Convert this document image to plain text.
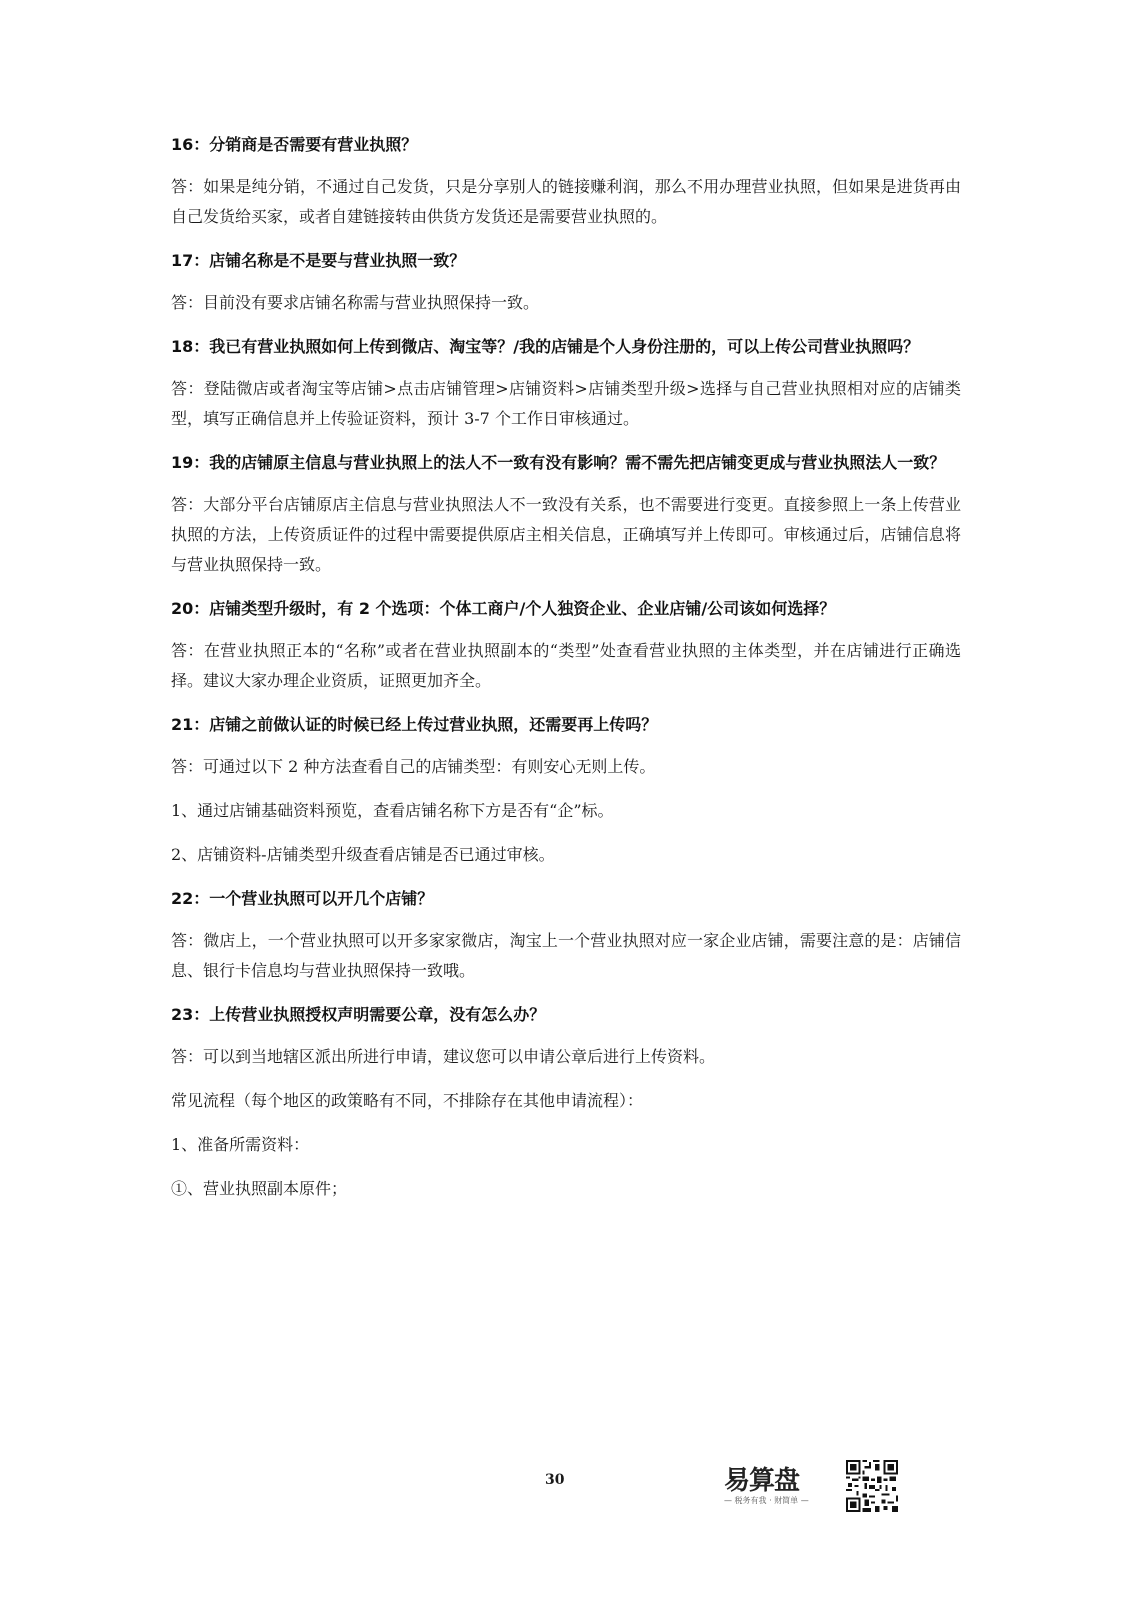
16：分销商是否需要有营业执照？
答：如果是纯分销，不通过自己发货，只是分享别人的链接赚利润，那么不用办理营业执照，但如果是进货再由自己发货给买家，或者自建链接转由供货方发货还是需要营业执照的。
17：店铺名称是不是要与营业执照一致？
答：目前没有要求店铺名称需与营业执照保持一致。
18：我已有营业执照如何上传到微店、淘宝等？/我的店铺是个人身份注册的，可以上传公司营业执照吗？
答：登陆微店或者淘宝等店铺>点击店铺管理>店铺资料>店铺类型升级>选择与自己营业执照相对应的店铺类型，填写正确信息并上传验证资料，预计 3-7 个工作日审核通过。
19：我的店铺原主信息与营业执照上的法人不一致有没有影响？需不需先把店铺变更成与营业执照法人一致？
答：大部分平台店铺原店主信息与营业执照法人不一致没有关系，也不需要进行变更。直接参照上一条上传营业执照的方法，上传资质证件的过程中需要提供原店主相关信息，正确填写并上传即可。审核通过后，店铺信息将与营业执照保持一致。
20：店铺类型升级时，有 2 个选项：个体工商户/个人独资企业、企业店铺/公司该如何选择？
答：在营业执照正本的“名称”或者在营业执照副本的“类型”处查看营业执照的主体类型，并在店铺进行正确选择。建议大家办理企业资质，证照更加齐全。
21：店铺之前做认证的时候已经上传过营业执照，还需要再上传吗？
答：可通过以下 2 种方法查看自己的店铺类型：有则安心无则上传。
1、通过店铺基础资料预览，查看店铺名称下方是否有“企”标。
2、店铺资料-店铺类型升级查看店铺是否已通过审核。
22：一个营业执照可以开几个店铺？
答：微店上，一个营业执照可以开多家家微店，淘宝上一个营业执照对应一家企业店铺，需要注意的是：店铺信息、银行卡信息均与营业执照保持一致哦。
23：上传营业执照授权声明需要公章，没有怎么办？
答：可以到当地辖区派出所进行申请，建议您可以申请公章后进行上传资料。
常见流程（每个地区的政策略有不同，不排除存在其他申请流程）：
1、准备所需资料：
①、营业执照副本原件；
30	易算盘
— 税务有我 · 财简单 —
